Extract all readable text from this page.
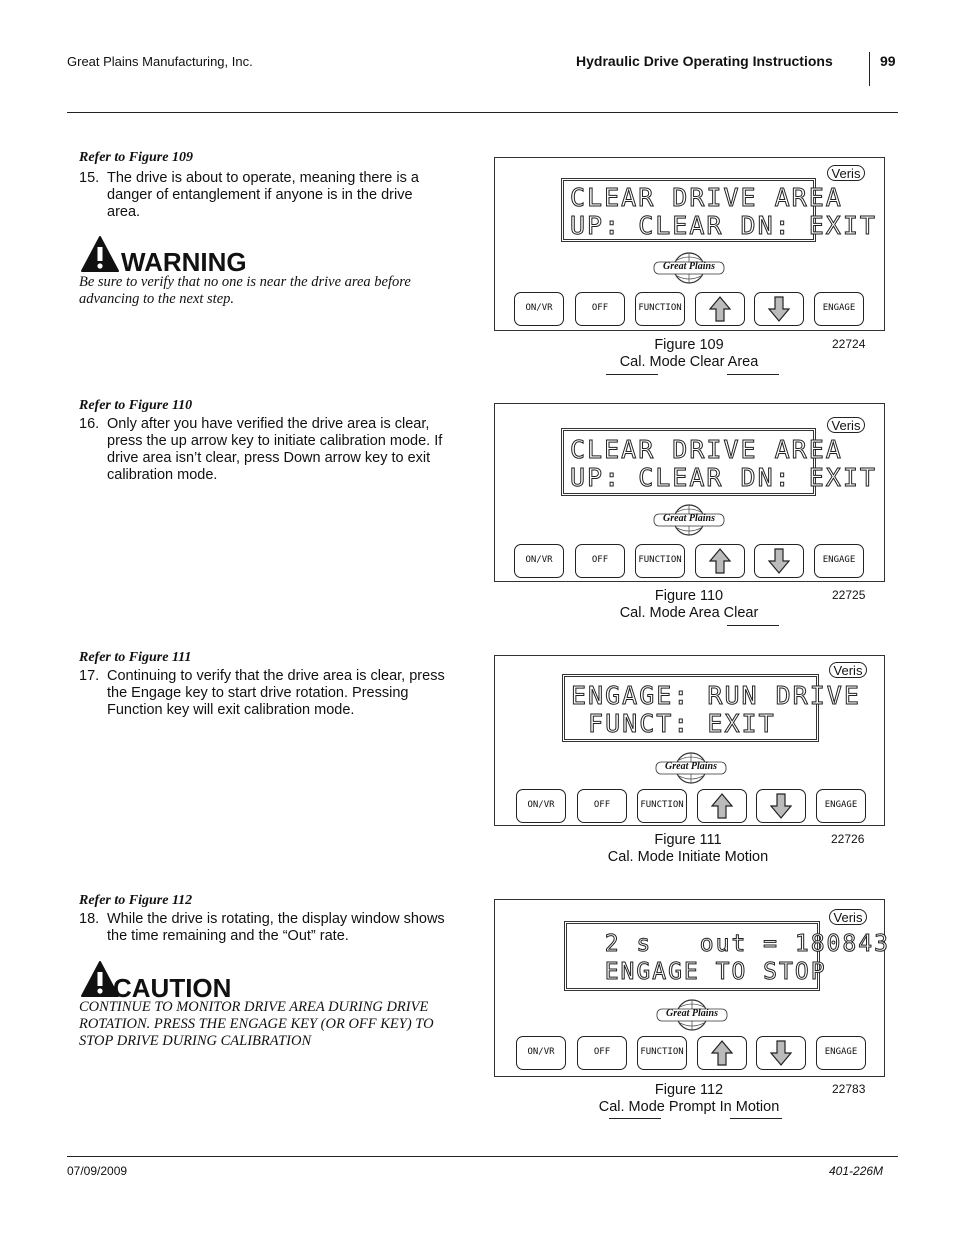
Great Plains Manufacturing, Inc.	Hydraulic Drive Operating Instructions	99
Refer to Figure 109
15. The drive is about to operate, meaning there is a
danger of entanglement if anyone is in the drive
area.
WARNING
Be sure to verify that no one is near the drive area before
advancing to the next step.
Refer to Figure 110
16. Only after you have verified the drive area is clear,
press the up arrow key to initiate calibration mode. If
drive area isn’t clear, press Down arrow key to exit
calibration mode.
Refer to Figure 111
17. Continuing to verify that the drive area is clear, press
the Engage key to start drive rotation. Pressing
Function key will exit calibration mode.
Refer to Figure 112
18. While the drive is rotating, the display window shows
the time remaining and the “Out” rate.
CAUTION
CONTINUE TO MONITOR DRIVE AREA DURING DRIVE
ROTATION. PRESS THE ENGAGE KEY (OR OFF KEY) TO
STOP DRIVE DURING CALIBRATION
Veris
CLEAR DRIVE AREA
UP: CLEAR DN: EXIT
Great Plains
ON/VR	OFF	FUNCTION	ENGAGE
Figure 109
Cal. Mode Clear Area
22724
Veris
CLEAR DRIVE AREA
UP: CLEAR DN: EXIT
Great Plains
ON/VR	OFF	FUNCTION	ENGAGE
Figure 110
Cal. Mode Area Clear
22725
Veris
ENGAGE: RUN DRIVE
FUNCT: EXIT
Great Plains
ON/VR	OFF	FUNCTION	ENGAGE
Figure 111
Cal. Mode Initiate Motion
22726
Veris
2 s   out = 180843
ENGAGE TO STOP
Great Plains
ON/VR	OFF	FUNCTION	ENGAGE
Figure 112
Cal. Mode Prompt In Motion
22783
07/09/2009	401-226M
